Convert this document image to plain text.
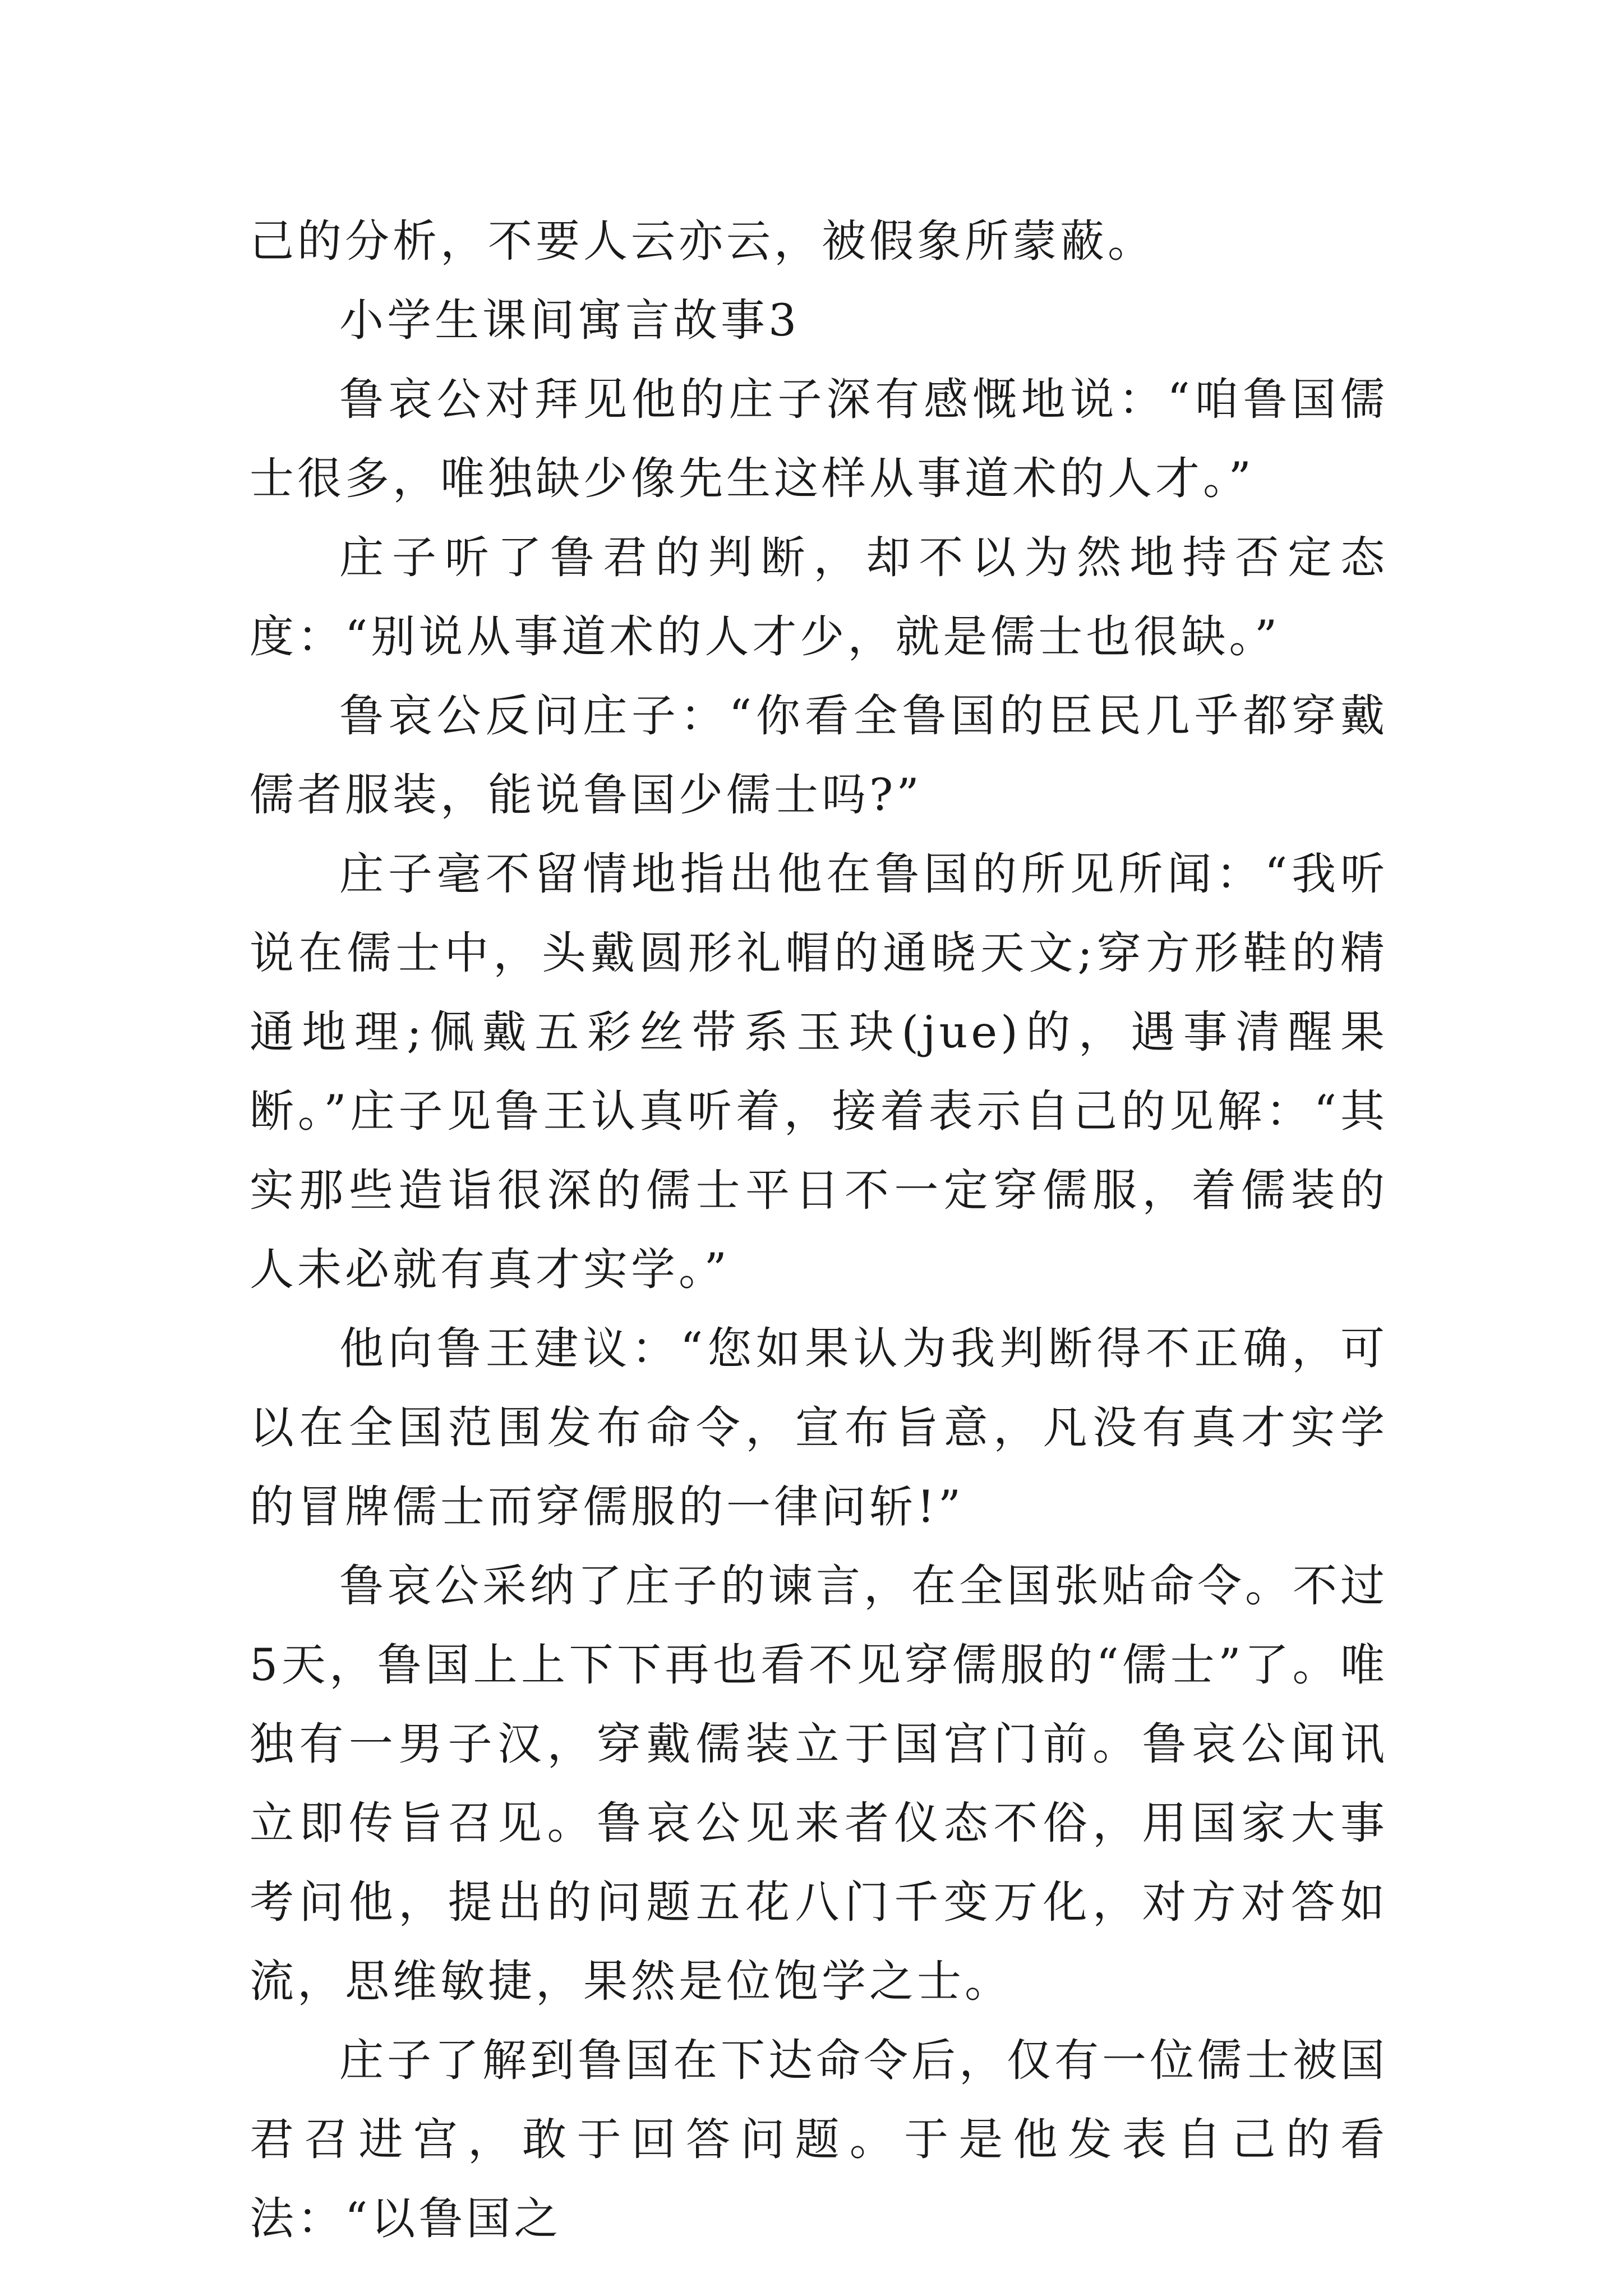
己的分析，不要人云亦云，被假象所蒙蔽。

小学生课间寓言故事3

鲁哀公对拜见他的庄子深有感慨地说：“咱鲁国儒士很多，唯独缺少像先生这样从事道术的人才。”

庄子听了鲁君的判断，却不以为然地持否定态度：“别说从事道术的人才少，就是儒士也很缺。”

鲁哀公反问庄子：“你看全鲁国的臣民几乎都穿戴儒者服装，能说鲁国少儒士吗?”

庄子毫不留情地指出他在鲁国的所见所闻：“我听说在儒士中，头戴圆形礼帽的通晓天文;穿方形鞋的精通地理;佩戴五彩丝带系玉玦(jue)的，遇事清醒果断。”庄子见鲁王认真听着，接着表示自己的见解：“其实那些造诣很深的儒士平日不一定穿儒服，着儒装的人未必就有真才实学。”

他向鲁王建议：“您如果认为我判断得不正确，可以在全国范围发布命令，宣布旨意，凡没有真才实学的冒牌儒士而穿儒服的一律问斩!”

鲁哀公采纳了庄子的谏言，在全国张贴命令。不过5天，鲁国上上下下再也看不见穿儒服的“儒士”了。唯独有一男子汉，穿戴儒装立于国宫门前。鲁哀公闻讯立即传旨召见。鲁哀公见来者仪态不俗，用国家大事考问他，提出的问题五花八门千变万化，对方对答如流，思维敏捷，果然是位饱学之士。

庄子了解到鲁国在下达命令后，仅有一位儒士被国君召进宫，敢于回答问题。于是他发表自己的看法：“以鲁国之
